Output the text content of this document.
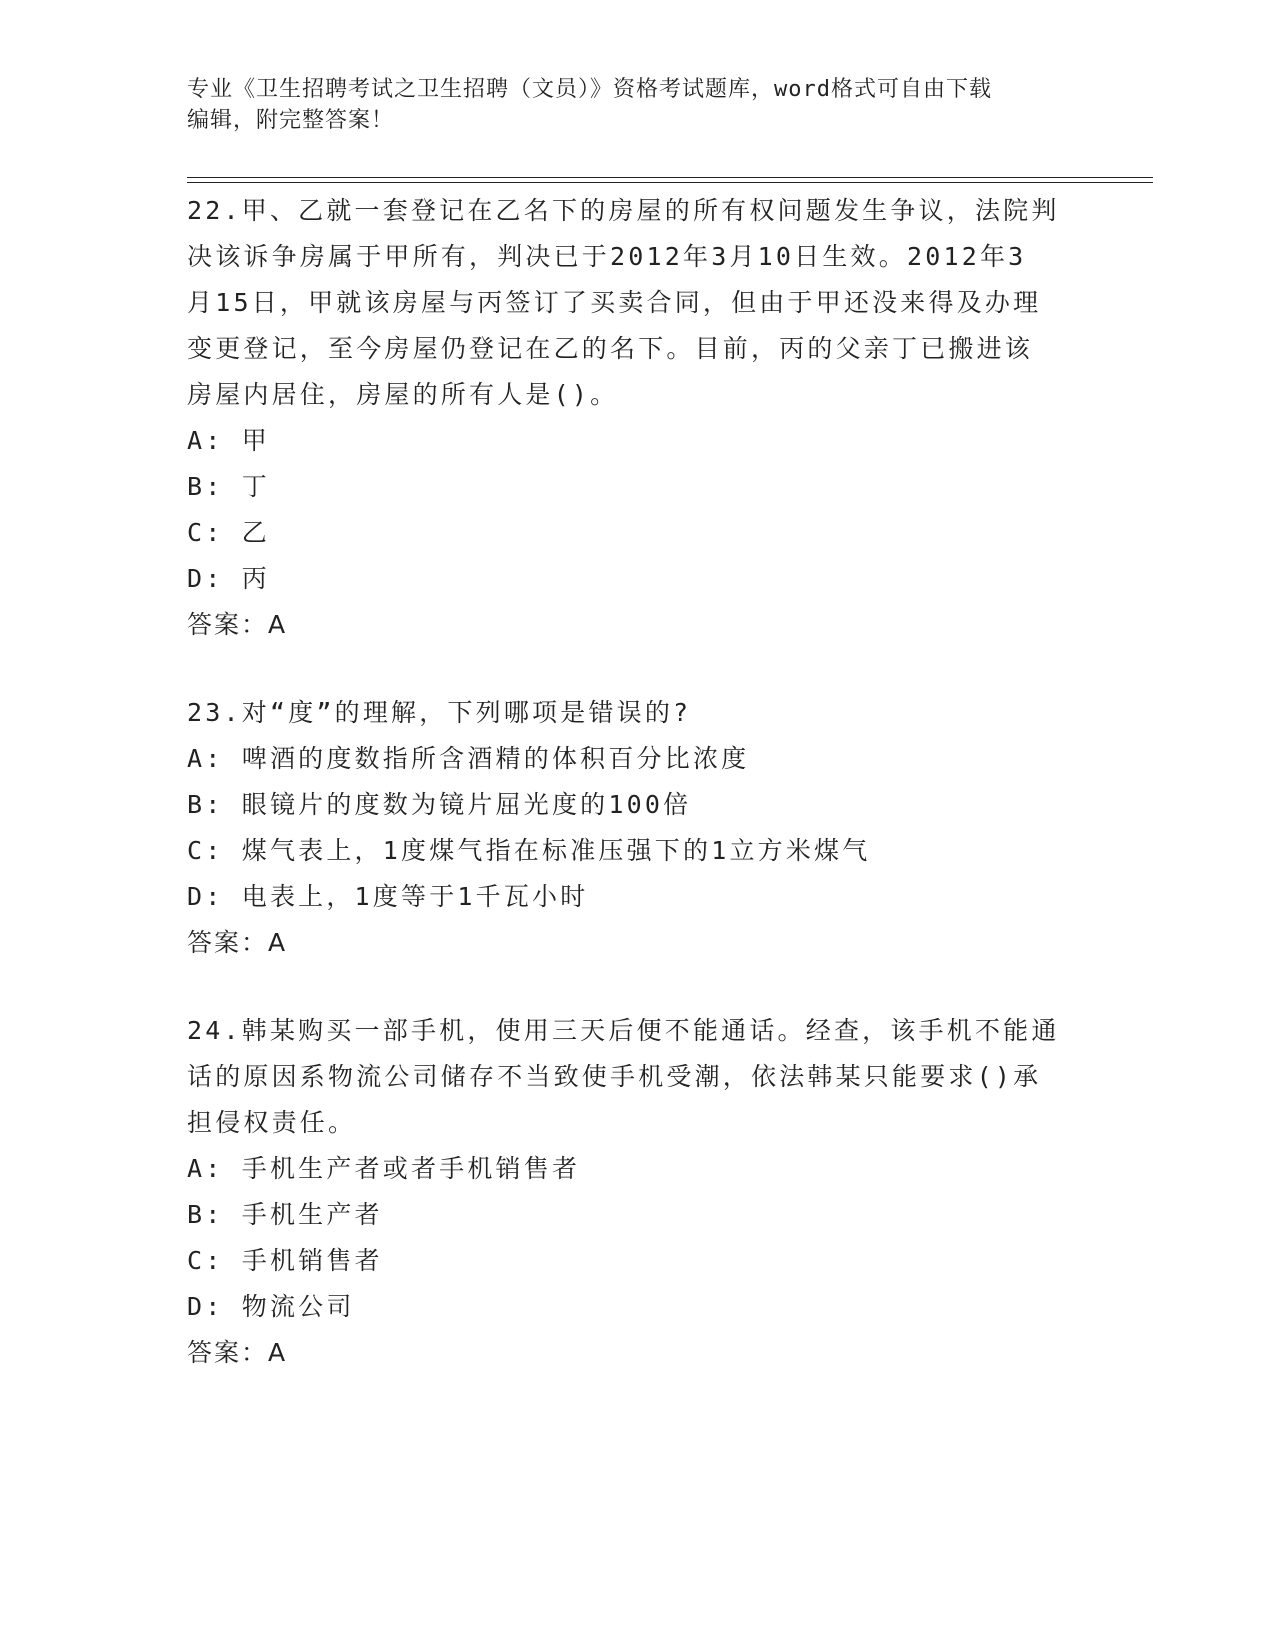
专业《卫生招聘考试之卫生招聘（文员）》资格考试题库，word格式可自由下载
编辑，附完整答案！
22.甲、乙就一套登记在乙名下的房屋的所有权问题发生争议，法院判
决该诉争房属于甲所有，判决已于2012年3月10日生效。2012年3
月15日，甲就该房屋与丙签订了买卖合同，但由于甲还没来得及办理
变更登记，至今房屋仍登记在乙的名下。目前，丙的父亲丁已搬进该
房屋内居住，房屋的所有人是()。
A: 甲
B: 丁
C: 乙
D: 丙
答案：A
23.对“度”的理解，下列哪项是错误的?
A: 啤酒的度数指所含酒精的体积百分比浓度
B: 眼镜片的度数为镜片屈光度的100倍
C: 煤气表上，1度煤气指在标准压强下的1立方米煤气
D: 电表上，1度等于1千瓦小时
答案：A
24.韩某购买一部手机，使用三天后便不能通话。经查，该手机不能通
话的原因系物流公司储存不当致使手机受潮，依法韩某只能要求()承
担侵权责任。
A: 手机生产者或者手机销售者
B: 手机生产者
C: 手机销售者
D: 物流公司
答案：A
